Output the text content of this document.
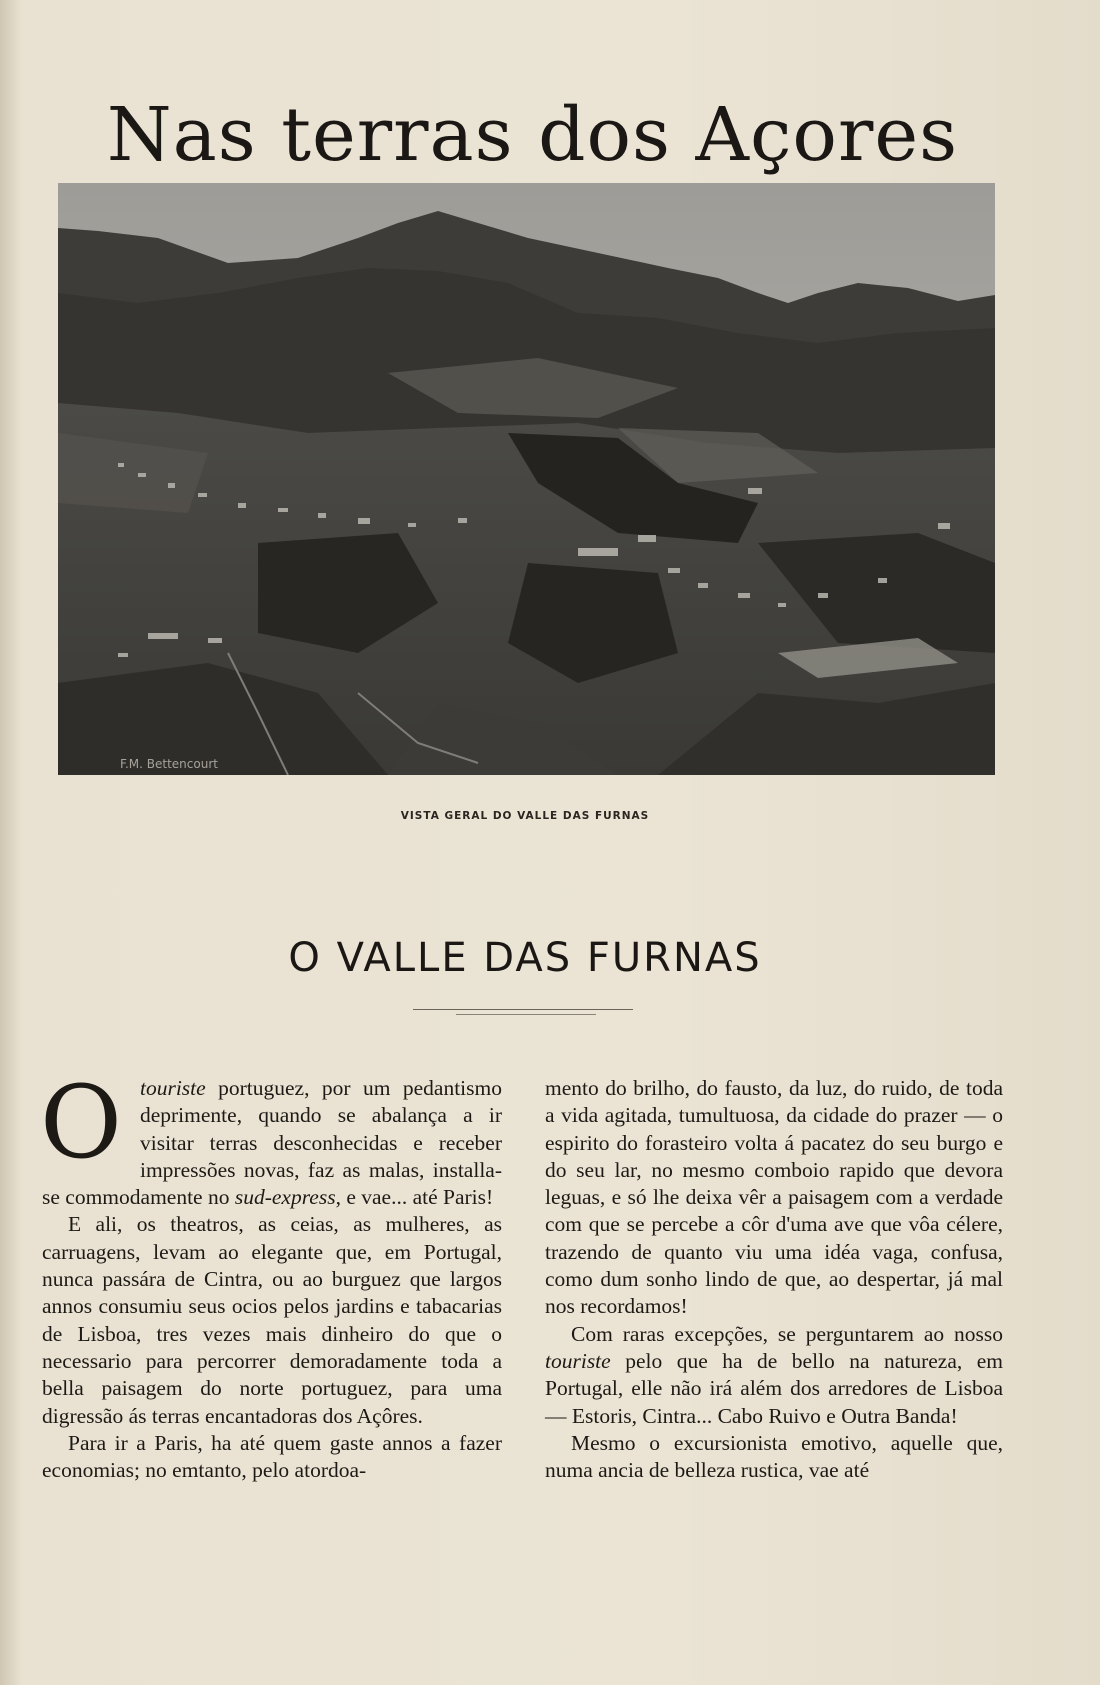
Nas terras dos Açores
F.M. Bettencourt
VISTA GERAL DO VALLE DAS FURNAS
O VALLE DAS FURNAS

Otouriste portuguez, por um pedantismo deprimente, quando se abalança a ir visitar terras desconhecidas e receber impressões novas, faz as malas, installa-se commodamente no sud-express, e vae... até Paris!

E ali, os theatros, as ceias, as mulheres, as carruagens, levam ao elegante que, em Portugal, nunca passára de Cintra, ou ao burguez que largos annos consumiu seus ocios pelos jardins e tabacarias de Lisboa, tres vezes mais dinheiro do que o necessario para percorrer demoradamente toda a bella paisagem do norte portuguez, para uma digressão ás terras encantadoras dos Açôres.

Para ir a Paris, ha até quem gaste annos a fazer economias; no emtanto, pelo atordoa-

mento do brilho, do fausto, da luz, do ruido, de toda a vida agitada, tumultuosa, da cidade do prazer — o espirito do forasteiro volta á pacatez do seu burgo e do seu lar, no mesmo comboio rapido que devora leguas, e só lhe deixa vêr a paisagem com a verdade com que se percebe a côr d'uma ave que vôa célere, trazendo de quanto viu uma idéa vaga, confusa, como dum sonho lindo de que, ao despertar, já mal nos recordamos!

Com raras excepções, se perguntarem ao nosso touriste pelo que ha de bello na natureza, em Portugal, elle não irá além dos arredores de Lisboa — Estoris, Cintra... Cabo Ruivo e Outra Banda!

Mesmo o excursionista emotivo, aquelle que, numa ancia de belleza rustica, vae até
